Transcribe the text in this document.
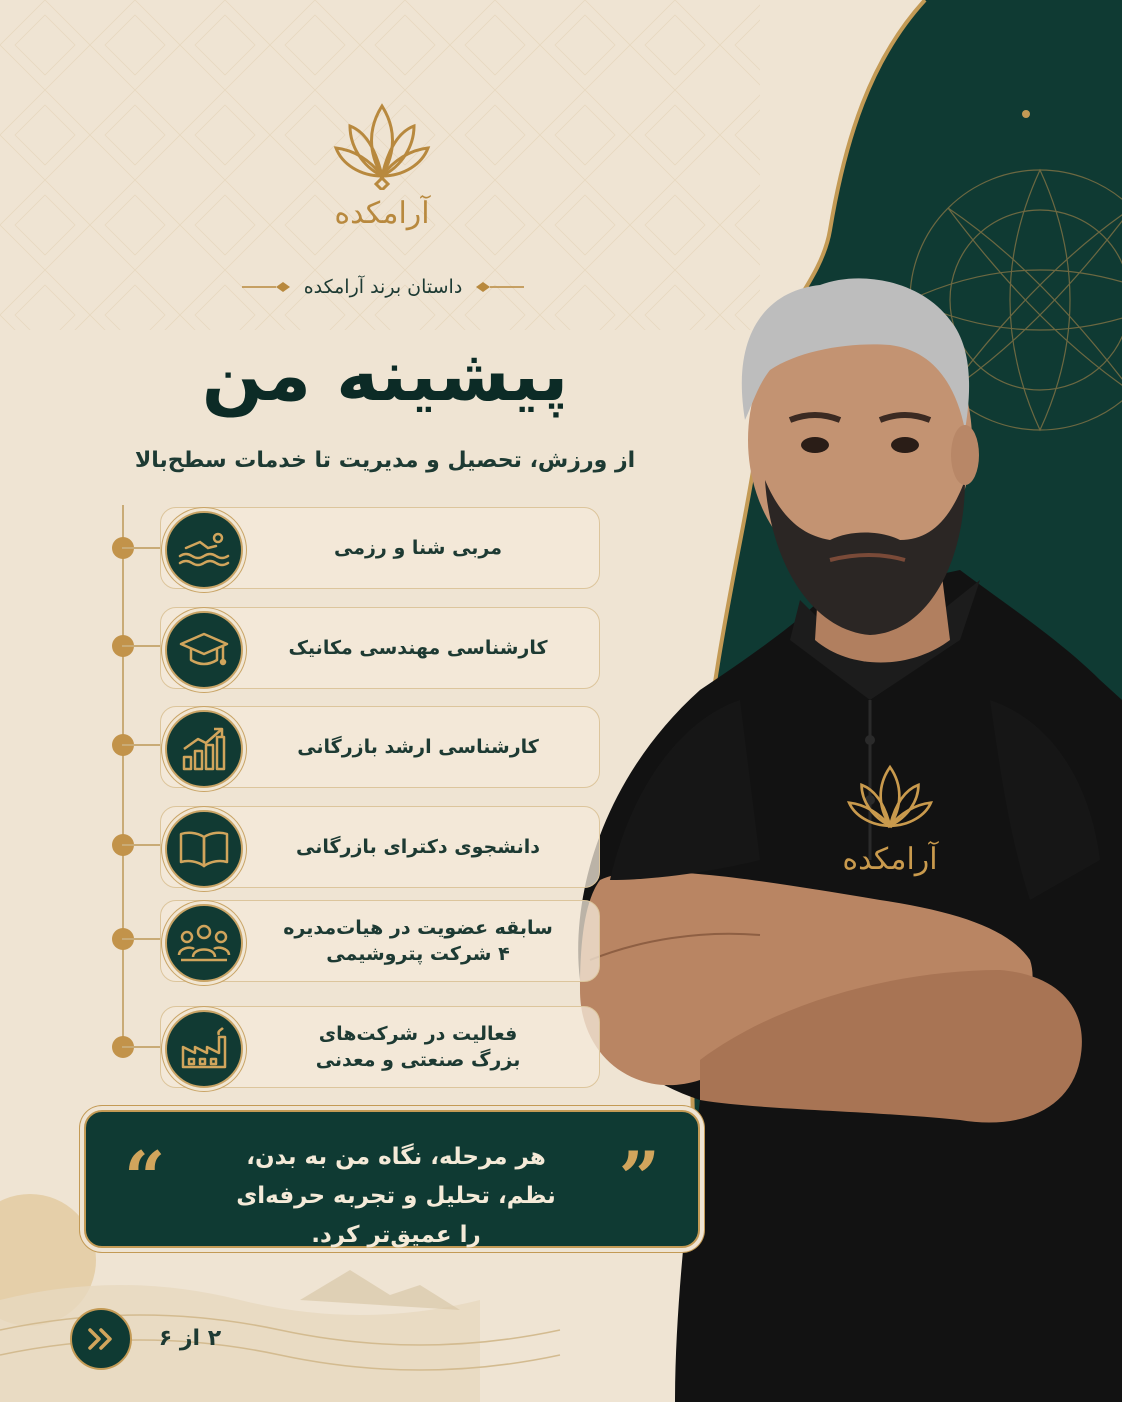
آرامکده
آرامکده
داستان برند آرامکده
پیشینه من
از ورزش، تحصیل و مدیریت تا خدمات سطح‌بالا
مربی شنا و رزمی
کارشناسی مهندسی مکانیک
کارشناسی ارشد بازرگانی
دانشجوی دکترای بازرگانی
سابقه عضویت در هیات‌مدیره
۴ شرکت پتروشیمی
فعالیت در شرکت‌های
بزرگ صنعتی و معدنی
“	هر مرحله، نگاه من به بدن، نظم، تحلیل و تجربه حرفه‌ای را عمیق‌تر کرد.
”
۲ از ۶
